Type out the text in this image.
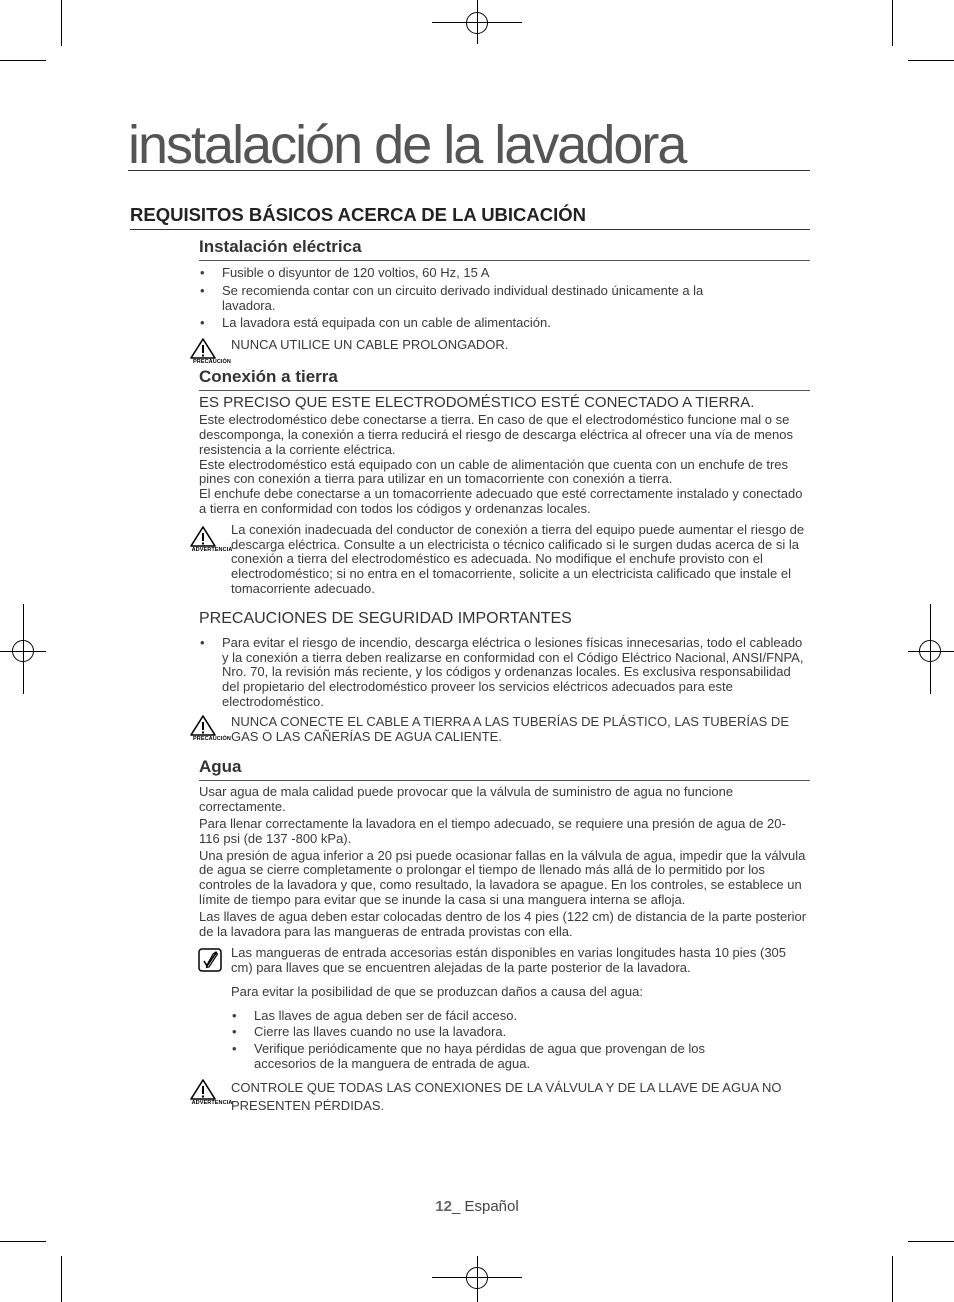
instalación de la lavadora
REQUISITOS BÁSICOS ACERCA DE LA UBICACIÓN
Instalación eléctrica
• Fusible o disyuntor de 120 voltios, 60 Hz, 15 A
• Se recomienda contar con un circuito derivado individual destinado únicamente a la lavadora.
• La lavadora está equipada con un cable de alimentación.
PRECAUCIÓN
NUNCA UTILICE UN CABLE PROLONGADOR.
Conexión a tierra
ES PRECISO QUE ESTE ELECTRODOMÉSTICO ESTÉ CONECTADO A TIERRA.

Este electrodoméstico debe conectarse a tierra. En caso de que el electrodoméstico funcione mal o se descomponga, la conexión a tierra reducirá el riesgo de descarga eléctrica al ofrecer una vía de menos resistencia a la corriente eléctrica.

Este electrodoméstico está equipado con un cable de alimentación que cuenta con un enchufe de tres pines con conexión a tierra para utilizar en un tomacorriente con conexión a tierra.

El enchufe debe conectarse a un tomacorriente adecuado que esté correctamente instalado y conectado a tierra en conformidad con todos los códigos y ordenanzas locales.

ADVERTENCIA
La conexión inadecuada del conductor de conexión a tierra del equipo puede aumentar el riesgo de descarga eléctrica. Consulte a un electricista o técnico calificado si le surgen dudas acerca de si la conexión a tierra del electrodoméstico es adecuada. No modifique el enchufe provisto con el electrodoméstico; si no entra en el tomacorriente, solicite a un electricista calificado que instale el tomacorriente adecuado.
PRECAUCIONES DE SEGURIDAD IMPORTANTES
• Para evitar el riesgo de incendio, descarga eléctrica o lesiones físicas innecesarias, todo el cableado y la conexión a tierra deben realizarse en conformidad con el Código Eléctrico Nacional, ANSI/FNPA, Nro. 70, la revisión más reciente, y los códigos y ordenanzas locales. Es exclusiva responsabilidad del propietario del electrodoméstico proveer los servicios eléctricos adecuados para este electrodoméstico.
PRECAUCIÓN
NUNCA CONECTE EL CABLE A TIERRA A LAS TUBERÍAS DE PLÁSTICO, LAS TUBERÍAS DE GAS O LAS CAÑERÍAS DE AGUA CALIENTE.
Agua

Usar agua de mala calidad puede provocar que la válvula de suministro de agua no funcione correctamente.

Para llenar correctamente la lavadora en el tiempo adecuado, se requiere una presión de agua de 20- 116 psi (de 137 -800 kPa).

Una presión de agua inferior a 20 psi puede ocasionar fallas en la válvula de agua, impedir que la válvula de agua se cierre completamente o prolongar el tiempo de llenado más allá de lo permitido por los controles de la lavadora y que, como resultado, la lavadora se apague. En los controles, se establece un límite de tiempo para evitar que se inunde la casa si una manguera interna se afloja.

Las llaves de agua deben estar colocadas dentro de los 4 pies (122 cm) de distancia de la parte posterior de la lavadora para las mangueras de entrada provistas con ella.

Las mangueras de entrada accesorias están disponibles en varias longitudes hasta 10 pies (305 cm) para llaves que se encuentren alejadas de la parte posterior de la lavadora.
Para evitar la posibilidad de que se produzcan daños a causa del agua:
• Las llaves de agua deben ser de fácil acceso.
• Cierre las llaves cuando no use la lavadora.
• Verifique periódicamente que no haya pérdidas de agua que provengan de los accesorios de la manguera de entrada de agua.
ADVERTENCIA
CONTROLE QUE TODAS LAS CONEXIONES DE LA VÁLVULA Y DE LA LLAVE DE AGUA NO PRESENTEN PÉRDIDAS.
12_ Español
